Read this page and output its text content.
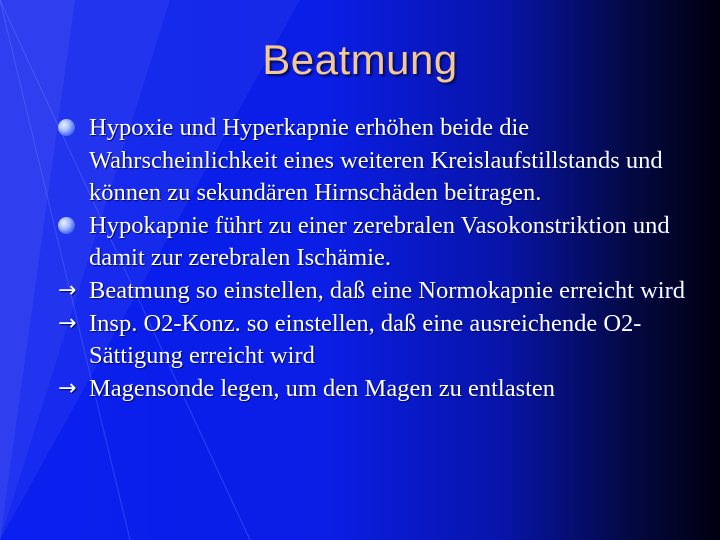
Beatmung
Hypoxie und Hyperkapnie erhöhen beide die Wahrscheinlichkeit eines weiteren Kreislaufstillstands und können zu sekundären Hirnschäden beitragen.
Hypokapnie führt zu einer zerebralen Vasokonstriktion und damit zur zerebralen Ischämie.
→ Beatmung so einstellen, daß eine Normokapnie erreicht wird
→ Insp. O2-Konz. so einstellen, daß eine ausreichende O2-Sättigung erreicht wird
→ Magensonde legen, um den Magen zu entlasten
